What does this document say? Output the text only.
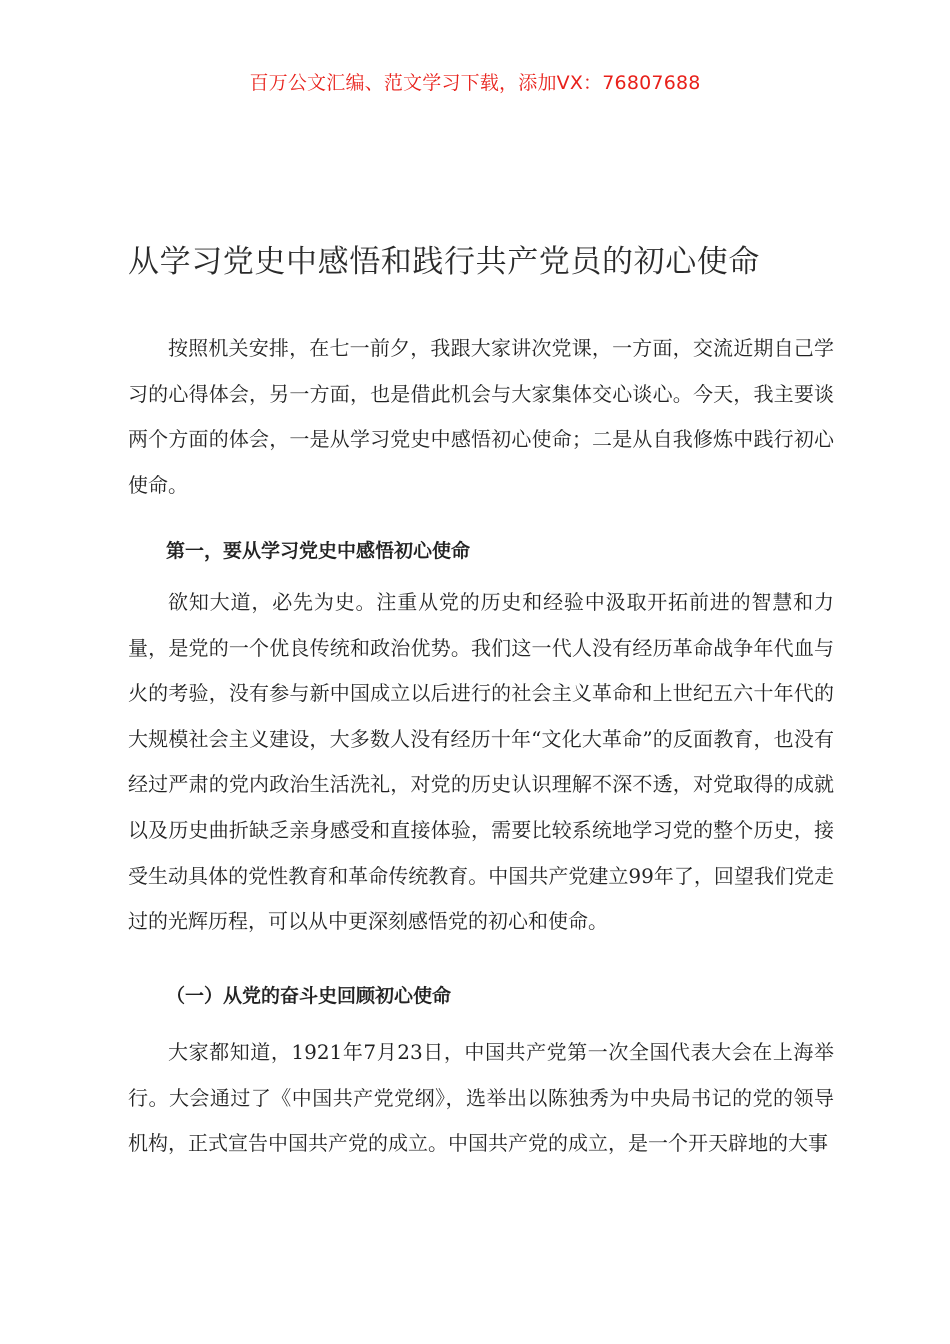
百万公文汇编、范文学习下载，添加VX：76807688
从学习党史中感悟和践行共产党员的初心使命

按照机关安排，在七一前夕，我跟大家讲次党课，一方面，交流近期自己学习的心得体会，另一方面，也是借此机会与大家集体交心谈心。今天，我主要谈两个方面的体会，一是从学习党史中感悟初心使命；二是从自我修炼中践行初心使命。

第一，要从学习党史中感悟初心使命

欲知大道，必先为史。注重从党的历史和经验中汲取开拓前进的智慧和力量，是党的一个优良传统和政治优势。我们这一代人没有经历革命战争年代血与火的考验，没有参与新中国成立以后进行的社会主义革命和上世纪五六十年代的大规模社会主义建设，大多数人没有经历十年“文化大革命”的反面教育，也没有经过严肃的党内政治生活洗礼，对党的历史认识理解不深不透，对党取得的成就以及历史曲折缺乏亲身感受和直接体验，需要比较系统地学习党的整个历史，接受生动具体的党性教育和革命传统教育。中国共产党建立99年了，回望我们党走过的光辉历程，可以从中更深刻感悟党的初心和使命。

（一）从党的奋斗史回顾初心使命

大家都知道，1921年7月23日，中国共产党第一次全国代表大会在上海举行。大会通过了《中国共产党党纲》，选举出以陈独秀为中央局书记的党的领导机构，正式宣告中国共产党的成立。中国共产党的成立，是一个开天辟地的大事
